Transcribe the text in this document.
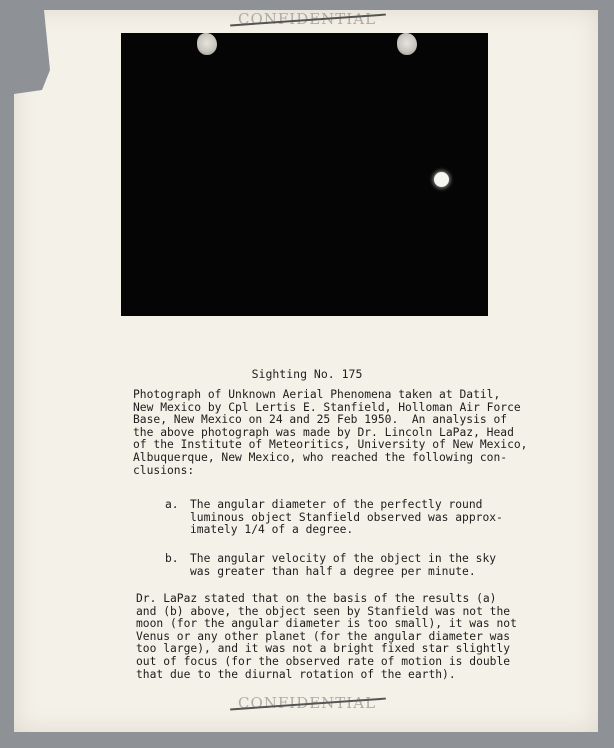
CONFIDENTIAL
Sighting No. 175

Photograph of Unknown Aerial Phenomena taken at Datil,
New Mexico by Cpl Lertis E. Stanfield, Holloman Air Force
Base, New Mexico on 24 and 25 Feb 1950.  An analysis of
the above photograph was made by Dr. Lincoln LaPaz, Head
of the Institute of Meteoritics, University of New Mexico,
Albuquerque, New Mexico, who reached the following con-
clusions:

a. The angular diameter of the perfectly round
luminous object Stanfield observed was approx-
imately 1/4 of a degree.
b. The angular velocity of the object in the sky
was greater than half a degree per minute.

Dr. LaPaz stated that on the basis of the results (a)
and (b) above, the object seen by Stanfield was not the
moon (for the angular diameter is too small), it was not
Venus or any other planet (for the angular diameter was
too large), and it was not a bright fixed star slightly
out of focus (for the observed rate of motion is double
that due to the diurnal rotation of the earth).

CONFIDENTIAL
